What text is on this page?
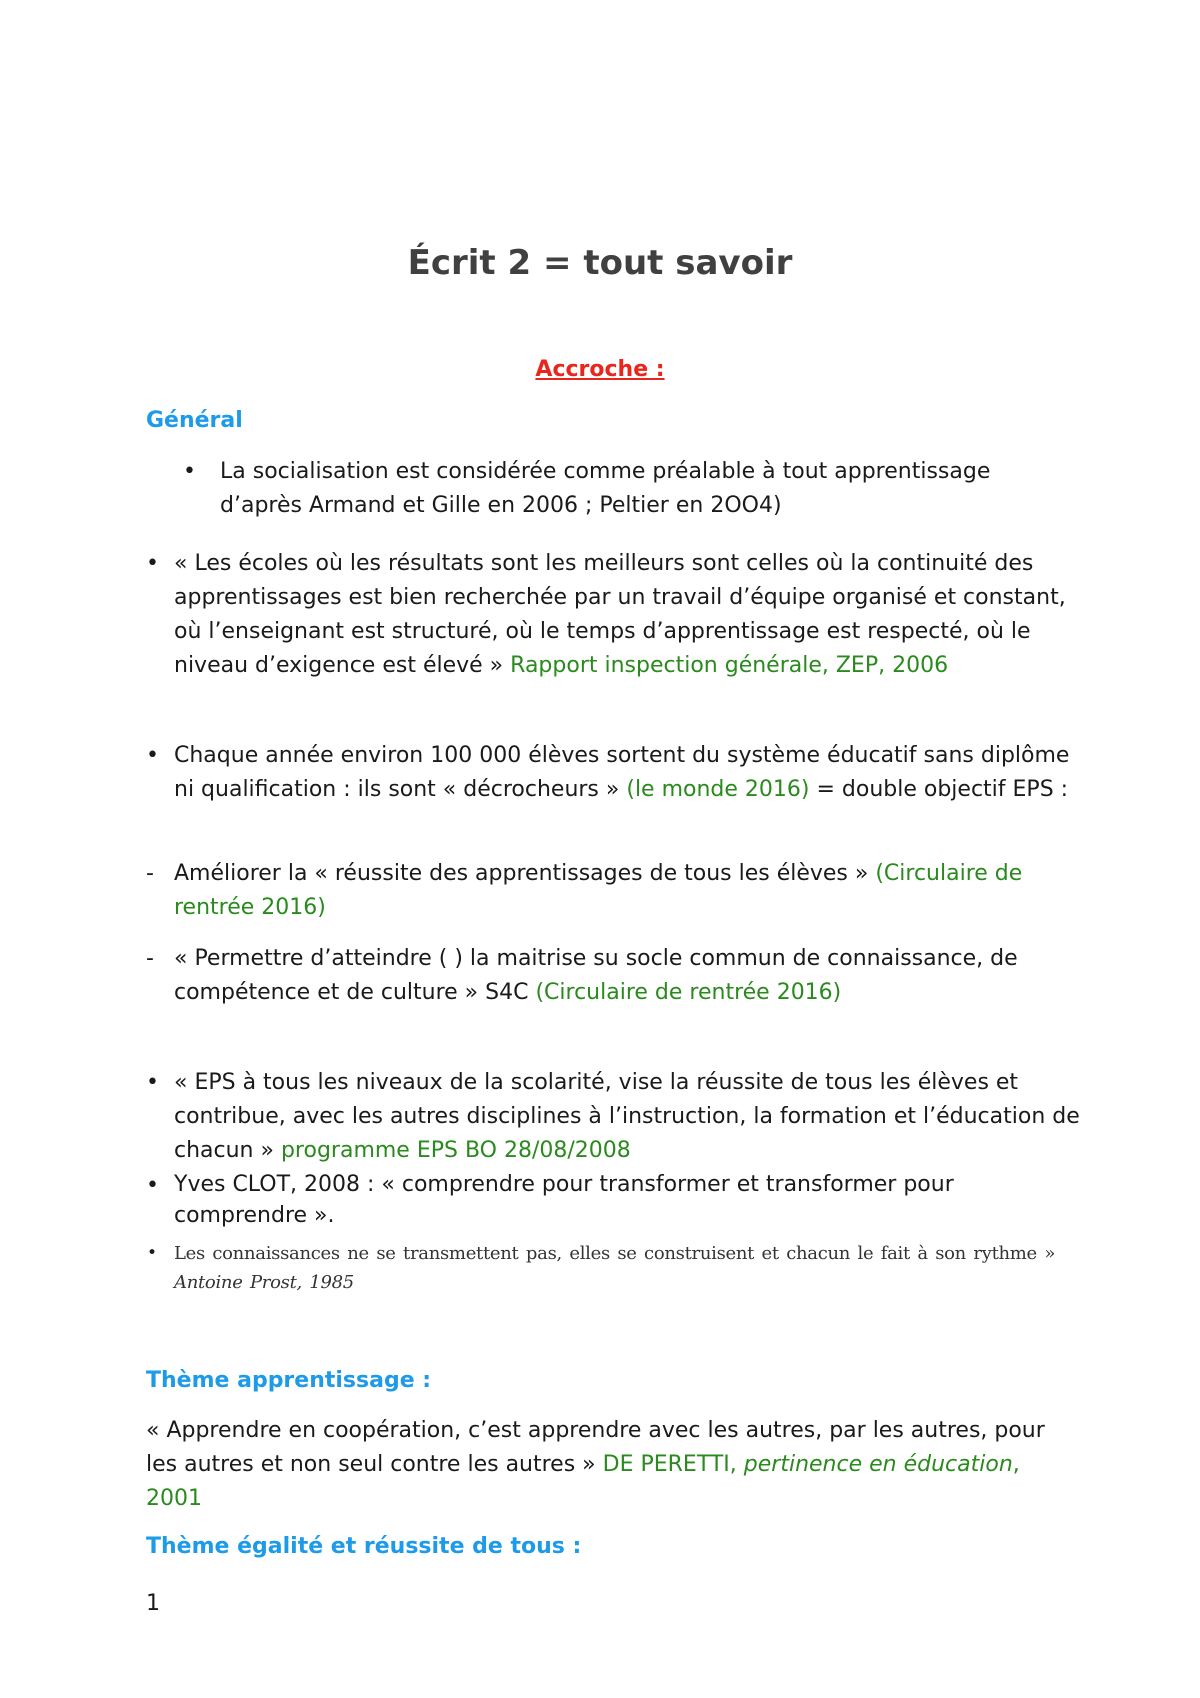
Écrit 2 = tout savoir
Accroche :
Général
• La socialisation est considérée comme préalable à tout apprentissage d’après Armand et Gille en 2006 ; Peltier en 2OO4)
• « Les écoles où les résultats sont les meilleurs sont celles où la continuité des apprentissages est bien recherchée par un travail d’équipe organisé et constant, où l’enseignant est structuré, où le temps d’apprentissage est respecté, où le niveau d’exigence est élevé » Rapport inspection générale, ZEP, 2006
• Chaque année environ 100 000 élèves sortent du système éducatif sans diplôme ni qualification : ils sont « décrocheurs » (le monde 2016) = double objectif EPS :
- Améliorer la « réussite des apprentissages de tous les élèves » (Circulaire de rentrée 2016)
- « Permettre d’atteindre ( ) la maitrise su socle commun de connaissance, de compétence et de culture » S4C (Circulaire de rentrée 2016)
• « EPS à tous les niveaux de la scolarité, vise la réussite de tous les élèves et contribue, avec les autres disciplines à l’instruction, la formation et l’éducation de chacun » programme EPS BO 28/08/2008
• Yves CLOT, 2008 : « comprendre pour transformer et transformer pour comprendre ».
• Les connaissances ne se transmettent pas, elles se construisent et chacun le fait à son rythme » Antoine Prost, 1985
Thème apprentissage :
« Apprendre en coopération, c’est apprendre avec les autres, par les autres, pour les autres et non seul contre les autres » DE PERETTI, pertinence en éducation, 2001
Thème égalité et réussite de tous :
1
